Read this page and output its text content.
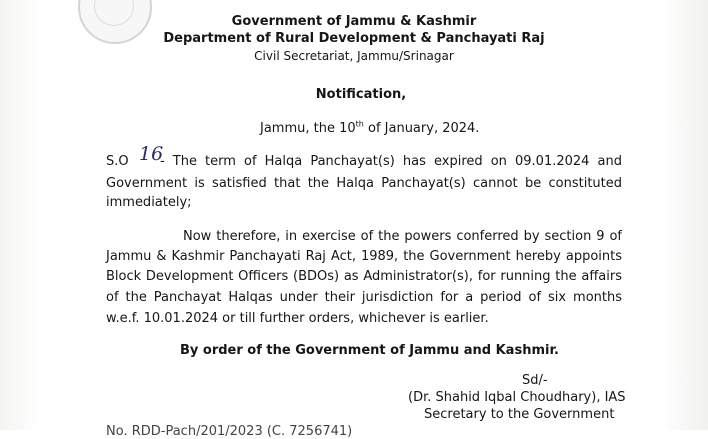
Government of Jammu & Kashmir
Department of Rural Development & Panchayati Raj
Civil Secretariat, Jammu/Srinagar
Notification,
Jammu, the 10th of January, 2024.
S.O 16
- The term of Halqa Panchayat(s) has expired on 09.01.2024 and
Government is satisfied that the Halqa Panchayat(s) cannot be constituted
immediately;
Now therefore, in exercise of the powers conferred by section 9 of
Jammu & Kashmir Panchayati Raj Act, 1989, the Government hereby appoints
Block Development Officers (BDOs) as Administrator(s), for running the affairs
of the Panchayat Halqas under their jurisdiction for a period of six months
w.e.f. 10.01.2024 or till further orders, whichever is earlier.
By order of the Government of Jammu and Kashmir.
Sd/-
(Dr. Shahid Iqbal Choudhary), IAS
Secretary to the Government
No. RDD-Pach/201/2023 (C. 7256741)
